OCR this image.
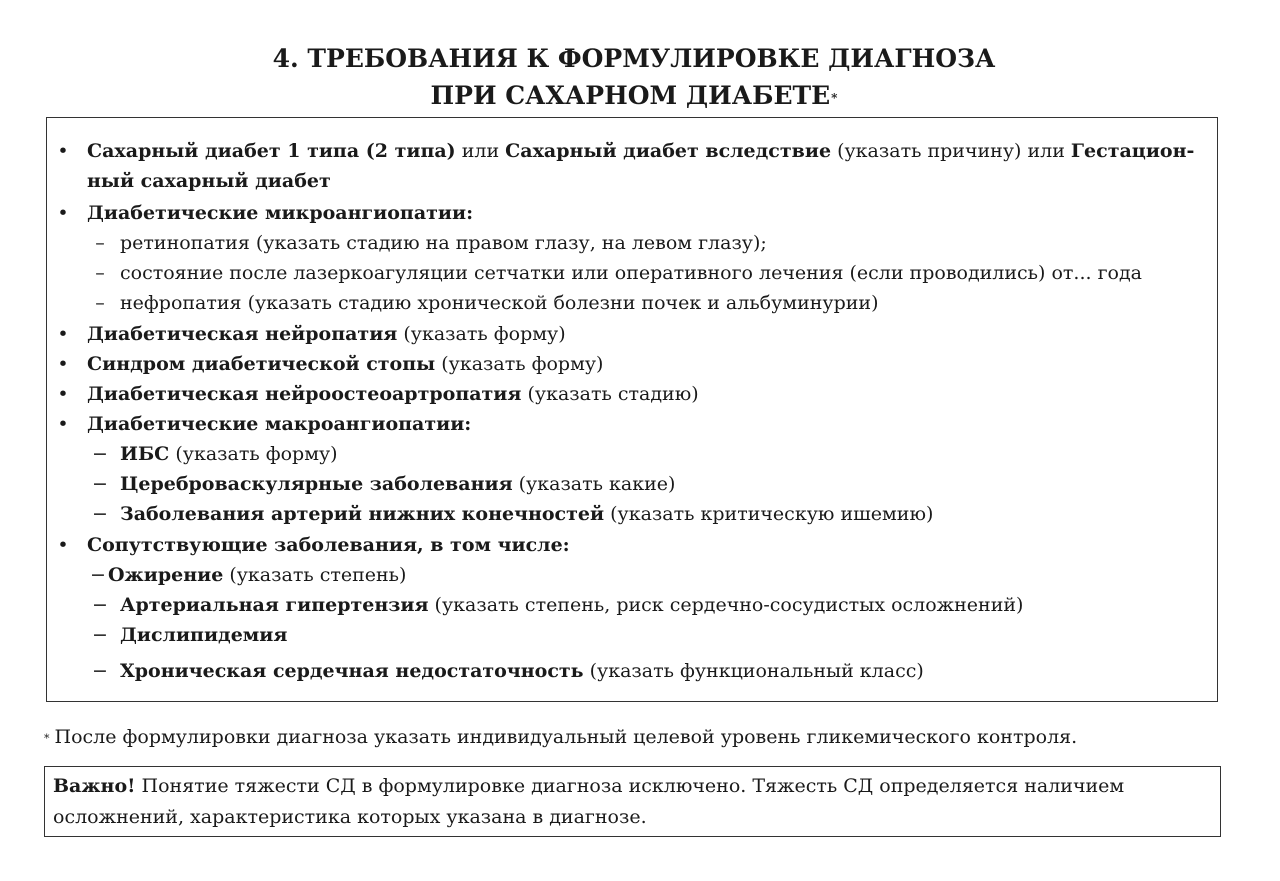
4. ТРЕБОВАНИЯ К ФОРМУЛИРОВКЕ ДИАГНОЗА
ПРИ САХАРНОМ ДИАБЕТЕ*
• Сахарный диабет 1 типа (2 типа) или Сахарный диабет вследствие (указать причину) или Гестацион-
ный сахарный диабет
• Диабетические микроангиопатии:
– ретинопатия (указать стадию на правом глазу, на левом глазу);
– состояние после лазеркоагуляции сетчатки или оперативного лечения (если проводились) от... года
– нефропатия (указать стадию хронической болезни почек и альбуминурии)
• Диабетическая нейропатия (указать форму)
• Синдром диабетической стопы (указать форму)
• Диабетическая нейроостеоартропатия (указать стадию)
• Диабетические макроангиопатии:
− ИБС (указать форму)
− Цереброваскулярные заболевания (указать какие)
− Заболевания артерий нижних конечностей (указать критическую ишемию)
• Сопутствующие заболевания, в том числе:
− Ожирение (указать степень)
− Артериальная гипертензия (указать степень, риск сердечно-сосудистых осложнений)
− Дислипидемия
− Хроническая сердечная недостаточность (указать функциональный класс)
* После формулировки диагноза указать индивидуальный целевой уровень гликемического контроля.
Важно! Понятие тяжести СД в формулировке диагноза исключено. Тяжесть СД определяется наличием
осложнений, характеристика которых указана в диагнозе.
